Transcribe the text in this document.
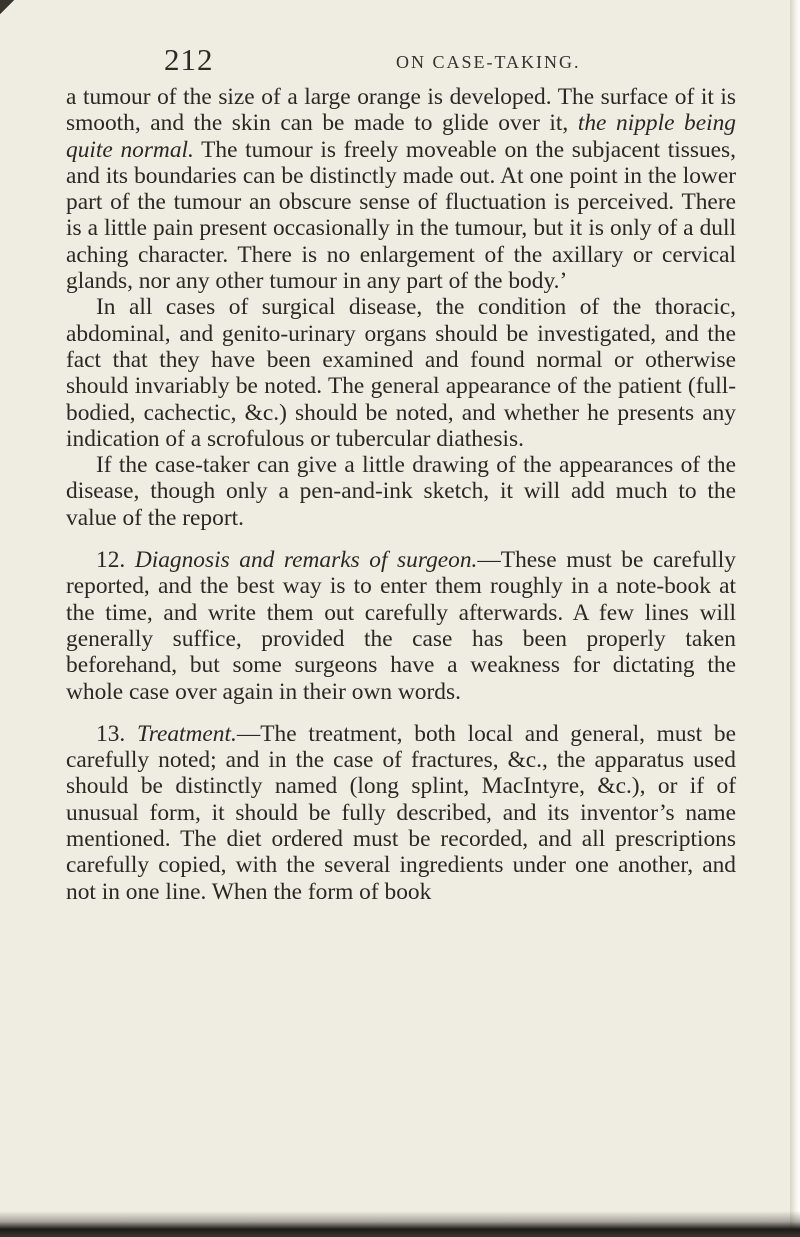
212	ON CASE-TAKING.

a tumour of the size of a large orange is developed. The surface of it is smooth, and the skin can be made to glide over it, the nipple being quite normal. The tumour is freely moveable on the subjacent tissues, and its boundaries can be distinctly made out. At one point in the lower part of the tumour an obscure sense of fluctuation is perceived. There is a little pain present occasionally in the tumour, but it is only of a dull aching character. There is no enlargement of the axillary or cervical glands, nor any other tumour in any part of the body.’

In all cases of surgical disease, the condition of the thoracic, abdominal, and genito-urinary organs should be investigated, and the fact that they have been examined and found normal or otherwise should invariably be noted. The general appearance of the patient (full-bodied, cachectic, &c.) should be noted, and whether he presents any indication of a scrofulous or tubercular diathesis.

If the case-taker can give a little drawing of the appearances of the disease, though only a pen-and-ink sketch, it will add much to the value of the report.

12. Diagnosis and remarks of surgeon.—These must be carefully reported, and the best way is to enter them roughly in a note-book at the time, and write them out carefully afterwards. A few lines will generally suffice, provided the case has been properly taken beforehand, but some surgeons have a weakness for dictating the whole case over again in their own words.

13. Treatment.—The treatment, both local and general, must be carefully noted; and in the case of fractures, &c., the apparatus used should be distinctly named (long splint, MacIntyre, &c.), or if of unusual form, it should be fully described, and its inventor’s name mentioned. The diet ordered must be recorded, and all prescriptions carefully copied, with the several ingredients under one another, and not in one line. When the form of book
